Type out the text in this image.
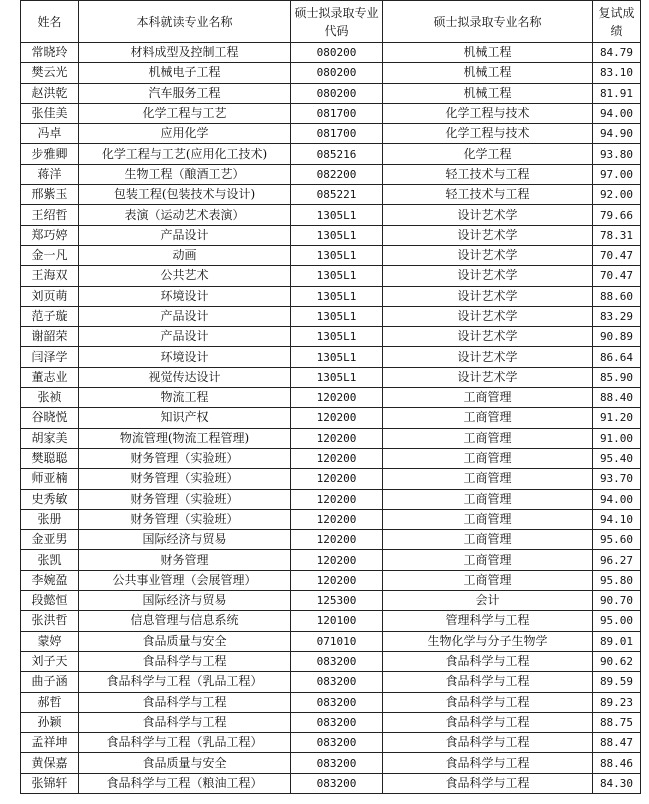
姓名	本科就读专业名称	硕士拟录取专业代码	硕士拟录取专业名称	复试成绩
常晓玲	材料成型及控制工程	080200	机械工程	84.79
樊云光	机械电子工程	080200	机械工程	83.10
赵洪乾	汽车服务工程	080200	机械工程	81.91
张佳美	化学工程与工艺	081700	化学工程与技术	94.00
冯卓	应用化学	081700	化学工程与技术	94.90
步雅卿	化学工程与工艺(应用化工技术)	085216	化学工程	93.80
蒋洋	生物工程（酿酒工艺）	082200	轻工技术与工程	97.00
邢紫玉	包装工程(包装技术与设计)	085221	轻工技术与工程	92.00
王绍哲	表演（运动艺术表演）	1305L1	设计艺术学	79.66
郑巧婷	产品设计	1305L1	设计艺术学	78.31
金一凡	动画	1305L1	设计艺术学	70.47
王海双	公共艺术	1305L1	设计艺术学	70.47
刘页萌	环境设计	1305L1	设计艺术学	88.60
范子璇	产品设计	1305L1	设计艺术学	83.29
谢韶荣	产品设计	1305L1	设计艺术学	90.89
闫泽学	环境设计	1305L1	设计艺术学	86.64
董志业	视觉传达设计	1305L1	设计艺术学	85.90
张祯	物流工程	120200	工商管理	88.40
谷晓悦	知识产权	120200	工商管理	91.20
胡家美	物流管理(物流工程管理)	120200	工商管理	91.00
樊聪聪	财务管理（实验班）	120200	工商管理	95.40
师亚楠	财务管理（实验班）	120200	工商管理	93.70
史秀敏	财务管理（实验班）	120200	工商管理	94.00
张册	财务管理（实验班）	120200	工商管理	94.10
金亚男	国际经济与贸易	120200	工商管理	95.60
张凯	财务管理	120200	工商管理	96.27
李婉盈	公共事业管理（会展管理）	120200	工商管理	95.80
段懿恒	国际经济与贸易	125300	会计	90.70
张洪哲	信息管理与信息系统	120100	管理科学与工程	95.00
蒙婷	食品质量与安全	071010	生物化学与分子生物学	89.01
刘子天	食品科学与工程	083200	食品科学与工程	90.62
曲子涵	食品科学与工程（乳品工程）	083200	食品科学与工程	89.59
郝哲	食品科学与工程	083200	食品科学与工程	89.23
孙颖	食品科学与工程	083200	食品科学与工程	88.75
孟祥坤	食品科学与工程（乳品工程）	083200	食品科学与工程	88.47
黄保嘉	食品质量与安全	083200	食品科学与工程	88.46
张锦轩	食品科学与工程（粮油工程）	083200	食品科学与工程	84.30
